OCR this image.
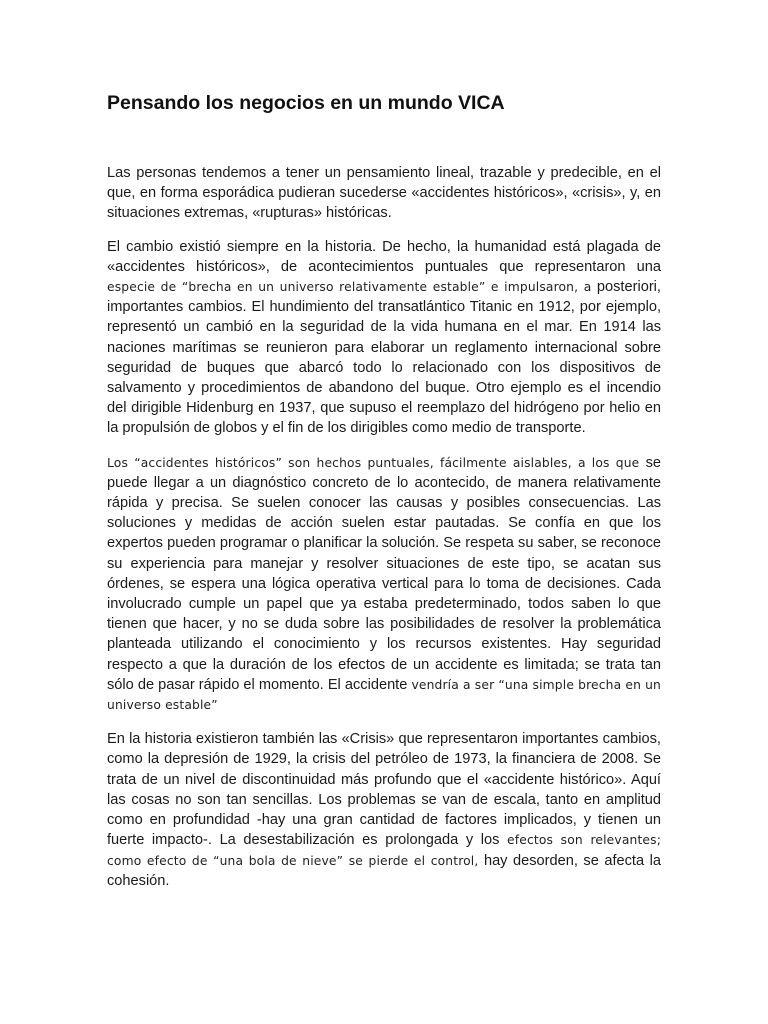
Pensando los negocios en un mundo VICA

Las personas tendemos a tener un pensamiento lineal, trazable y predecible, en el que, en forma esporádica pudieran sucederse «accidentes históricos», «crisis», y, en situaciones extremas, «rupturas» históricas.

El cambio existió siempre en la historia. De hecho, la humanidad está plagada de «accidentes históricos», de acontecimientos puntuales que representaron una especie de “brecha en un universo relativamente estable” e impulsaron, a posteriori, importantes cambios. El hundimiento del transatlántico Titanic en 1912, por ejemplo, representó un cambió en la seguridad de la vida humana en el mar. En 1914 las naciones marítimas se reunieron para elaborar un reglamento internacional sobre seguridad de buques que abarcó todo lo relacionado con los dispositivos de salvamento y procedimientos de abandono del buque. Otro ejemplo es el incendio del dirigible Hidenburg en 1937, que supuso el reemplazo del hidrógeno por helio en la propulsión de globos y el fin de los dirigibles como medio de transporte.

Los “accidentes históricos” son hechos puntuales, fácilmente aislables, a los que se puede llegar a un diagnóstico concreto de lo acontecido, de manera relativamente rápida y precisa. Se suelen conocer las causas y posibles consecuencias. Las soluciones y medidas de acción suelen estar pautadas. Se confía en que los expertos pueden programar o planificar la solución. Se respeta su saber, se reconoce su experiencia para manejar y resolver situaciones de este tipo, se acatan sus órdenes, se espera una lógica operativa vertical para lo toma de decisiones. Cada involucrado cumple un papel que ya estaba predeterminado, todos saben lo que tienen que hacer, y no se duda sobre las posibilidades de resolver la problemática planteada utilizando el conocimiento y los recursos existentes. Hay seguridad respecto a que la duración de los efectos de un accidente es limitada; se trata tan sólo de pasar rápido el momento. El accidente vendría a ser “una simple brecha en un universo estable”

En la historia existieron también las «Crisis» que representaron importantes cambios, como la depresión de 1929, la crisis del petróleo de 1973, la financiera de 2008. Se trata de un nivel de discontinuidad más profundo que el «accidente histórico». Aquí las cosas no son tan sencillas. Los problemas se van de escala, tanto en amplitud como en profundidad -hay una gran cantidad de factores implicados, y tienen un fuerte impacto-. La desestabilización es prolongada y los efectos son relevantes; como efecto de “una bola de nieve” se pierde el control, hay desorden, se afecta la cohesión.
